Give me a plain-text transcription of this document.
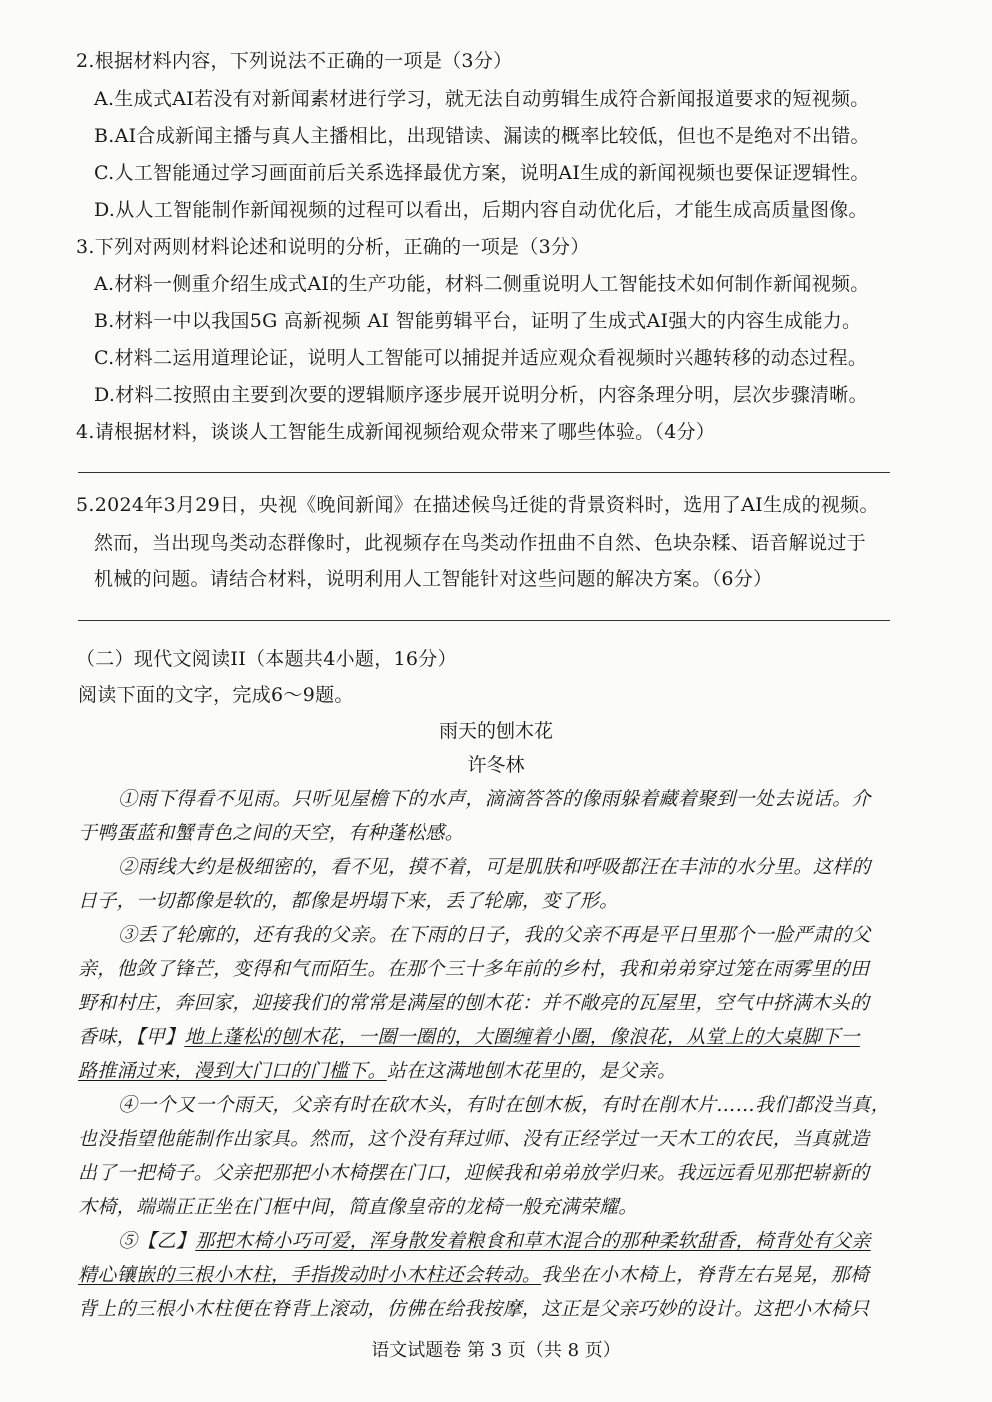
2.根据材料内容，下列说法不正确的一项是（3分）
A.生成式AI若没有对新闻素材进行学习，就无法自动剪辑生成符合新闻报道要求的短视频。
B.AI合成新闻主播与真人主播相比，出现错读、漏读的概率比较低，但也不是绝对不出错。
C.人工智能通过学习画面前后关系选择最优方案，说明AI生成的新闻视频也要保证逻辑性。
D.从人工智能制作新闻视频的过程可以看出，后期内容自动优化后，才能生成高质量图像。
3.下列对两则材料论述和说明的分析，正确的一项是（3分）
A.材料一侧重介绍生成式AI的生产功能，材料二侧重说明人工智能技术如何制作新闻视频。
B.材料一中以我国5G 高新视频 AI 智能剪辑平台，证明了生成式AI强大的内容生成能力。
C.材料二运用道理论证，说明人工智能可以捕捉并适应观众看视频时兴趣转移的动态过程。
D.材料二按照由主要到次要的逻辑顺序逐步展开说明分析，内容条理分明，层次步骤清晰。
4.请根据材料，谈谈人工智能生成新闻视频给观众带来了哪些体验。（4分）
5.2024年3月29日，央视《晚间新闻》在描述候鸟迁徙的背景资料时，选用了AI生成的视频。
然而，当出现鸟类动态群像时，此视频存在鸟类动作扭曲不自然、色块杂糅、语音解说过于
机械的问题。请结合材料，说明利用人工智能针对这些问题的解决方案。（6分）
（二）现代文阅读II（本题共4小题，16分）
阅读下面的文字，完成6～9题。
雨天的刨木花
许冬林
①雨下得看不见雨。只听见屋檐下的水声，滴滴答答的像雨躲着藏着聚到一处去说话。介
于鸭蛋蓝和蟹青色之间的天空，有种蓬松感。
②雨线大约是极细密的，看不见，摸不着，可是肌肤和呼吸都汪在丰沛的水分里。这样的
日子，一切都像是软的，都像是坍塌下来，丢了轮廓，变了形。
③丢了轮廓的，还有我的父亲。在下雨的日子，我的父亲不再是平日里那个一脸严肃的父
亲，他敛了锋芒，变得和气而陌生。在那个三十多年前的乡村，我和弟弟穿过笼在雨雾里的田
野和村庄，奔回家，迎接我们的常常是满屋的刨木花：并不敞亮的瓦屋里，空气中挤满木头的
香味，【甲】地上蓬松的刨木花，一圈一圈的，大圈缠着小圈，像浪花，从堂上的大桌脚下一
路推涌过来，漫到大门口的门槛下。站在这满地刨木花里的，是父亲。
④一个又一个雨天，父亲有时在砍木头，有时在刨木板，有时在削木片……我们都没当真，
也没指望他能制作出家具。然而，这个没有拜过师、没有正经学过一天木工的农民，当真就造
出了一把椅子。父亲把那把小木椅摆在门口，迎候我和弟弟放学归来。我远远看见那把崭新的
木椅，端端正正坐在门框中间，简直像皇帝的龙椅一般充满荣耀。
⑤【乙】那把木椅小巧可爱，浑身散发着粮食和草木混合的那种柔软甜香，椅背处有父亲
精心镶嵌的三根小木柱，手指拨动时小木柱还会转动。我坐在小木椅上，脊背左右晃晃，那椅
背上的三根小木柱便在脊背上滚动，仿佛在给我按摩，这正是父亲巧妙的设计。这把小木椅只
语文试题卷 第 3 页（共 8 页）
